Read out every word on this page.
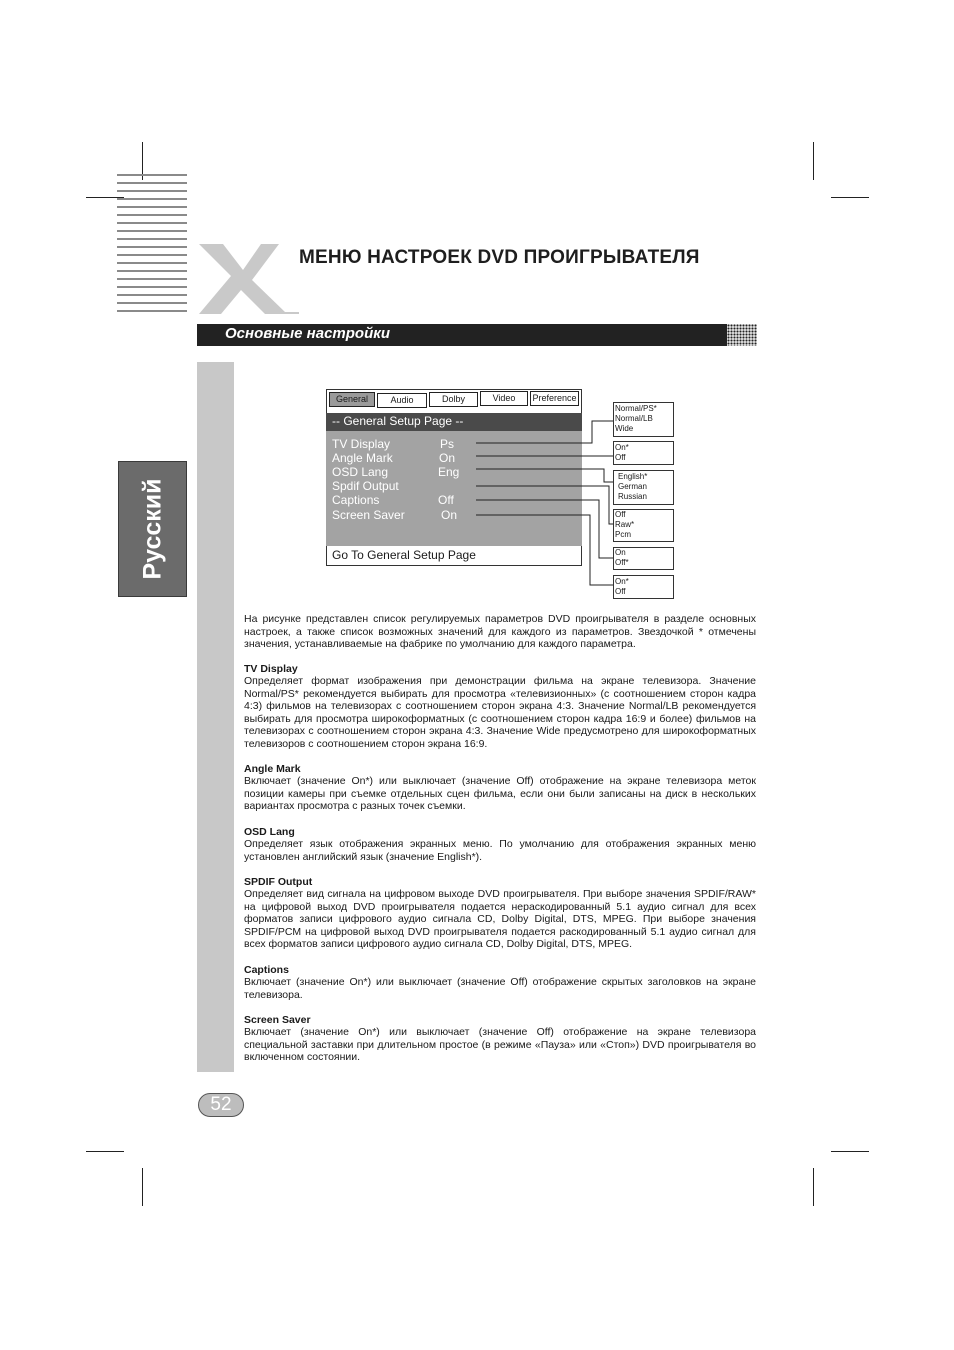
МЕНЮ НАСТРОЕК DVD ПРОИГРЫВАТЕЛЯ
Основные настройки
Русский
General	Audio	Dolby	Video	Preference
-- General Setup Page --
TV Display	Ps
Angle Mark	On
OSD Lang	Eng
Spdif Output
Captions	Off
Screen Saver	On
Go To General Setup Page
Normal/PS*
Normal/LB
Wide
On*
Off
English*
German
Russian
Off
Raw*
Pcm
On
Off*
On*
Off

На рисунке представлен список регулируемых параметров DVD проигрывателя в разделе основных настроек, а также список возможных значений для каждого из параметров. Звездочкой * отмечены значения, устанавливаемые на фабрике по умолчанию для каждого параметра.

TV Display

Определяет формат изображения при демонстрации фильма на экране телевизора. Значение Normal/PS* рекомендуется выбирать для просмотра «телевизионных» (с соотношением сторон кадра 4:3) фильмов на телевизорах с соотношением сторон экрана 4:3. Значение Normal/LB рекомендуется выбирать для просмотра широкоформатных (с соотношением сторон кадра 16:9 и более) фильмов на телевизорах с соотношением сторон экрана 4:3. Значение Wide предусмотрено для широкоформатных телевизоров с соотношением сторон экрана 16:9.

Angle Mark

Включает (значение On*) или выключает (значение Off) отображение на экране телевизора меток позиции камеры при съемке отдельных сцен фильма, если они были записаны на диск в нескольких вариантах просмотра с разных точек съемки.

OSD Lang

Определяет язык отображения экранных меню. По умолчанию для отображения экранных меню установлен английский язык (значение English*).

SPDIF Output

Определяет вид сигнала на цифровом выходе DVD проигрывателя. При выборе значения SPDIF/RAW* на цифровой выход DVD проигрывателя подается нераскодированный 5.1 аудио сигнал для всех форматов записи цифрового аудио сигнала CD, Dolby Digital, DTS, MPEG. При выборе значения SPDIF/PCM на цифровой выход DVD проигрывателя подается раскодированный 5.1 аудио сигнал для всех форматов записи цифрового аудио сигнала CD, Dolby Digital, DTS, MPEG.

Captions

Включает (значение On*) или выключает (значение Off) отображение скрытых заголовков на экране телевизора.

Screen Saver

Включает (значение On*) или выключает (значение Off) отображение на экране телевизора специальной заставки при длительном простое (в режиме «Пауза» или «Стоп») DVD проигрывателя во включенном состоянии.

52
